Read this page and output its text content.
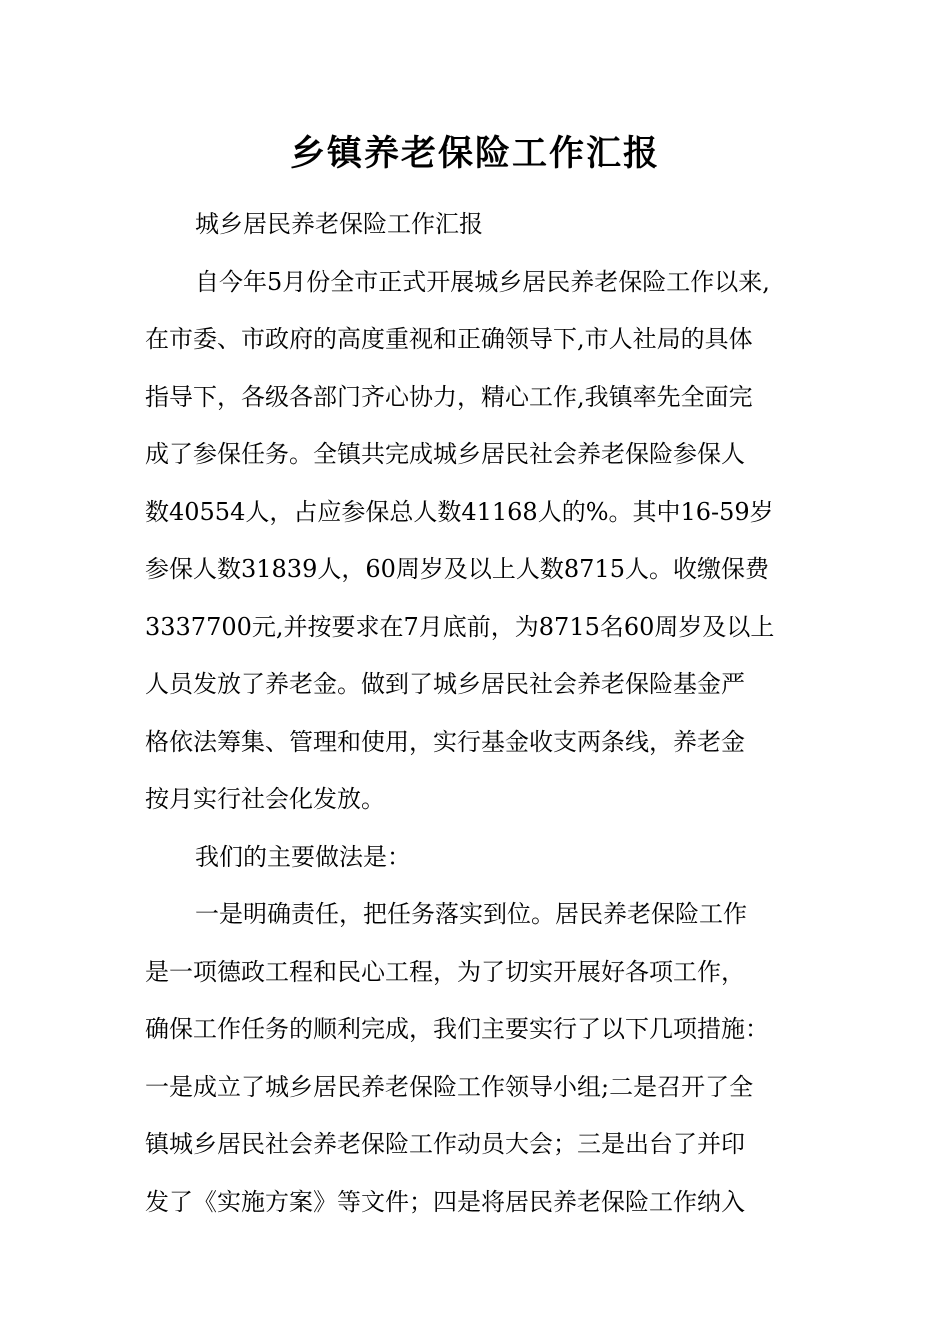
乡镇养老保险工作汇报

城乡居民养老保险工作汇报

自今年5月份全市正式开展城乡居民养老保险工作以来,
在市委、市政府的高度重视和正确领导下,市人社局的具体
指导下，各级各部门齐心协力，精心工作,我镇率先全面完
成了参保任务。全镇共完成城乡居民社会养老保险参保人
数40554人，占应参保总人数41168人的%。其中16-59岁
参保人数31839人，60周岁及以上人数8715人。收缴保费
3337700元,并按要求在7月底前，为8715名60周岁及以上
人员发放了养老金。做到了城乡居民社会养老保险基金严
格依法筹集、管理和使用，实行基金收支两条线，养老金
按月实行社会化发放。

我们的主要做法是：

一是明确责任，把任务落实到位。居民养老保险工作
是一项德政工程和民心工程，为了切实开展好各项工作，
确保工作任务的顺利完成，我们主要实行了以下几项措施：
一是成立了城乡居民养老保险工作领导小组;二是召开了全
镇城乡居民社会养老保险工作动员大会；三是出台了并印
发了《实施方案》等文件；四是将居民养老保险工作纳入
